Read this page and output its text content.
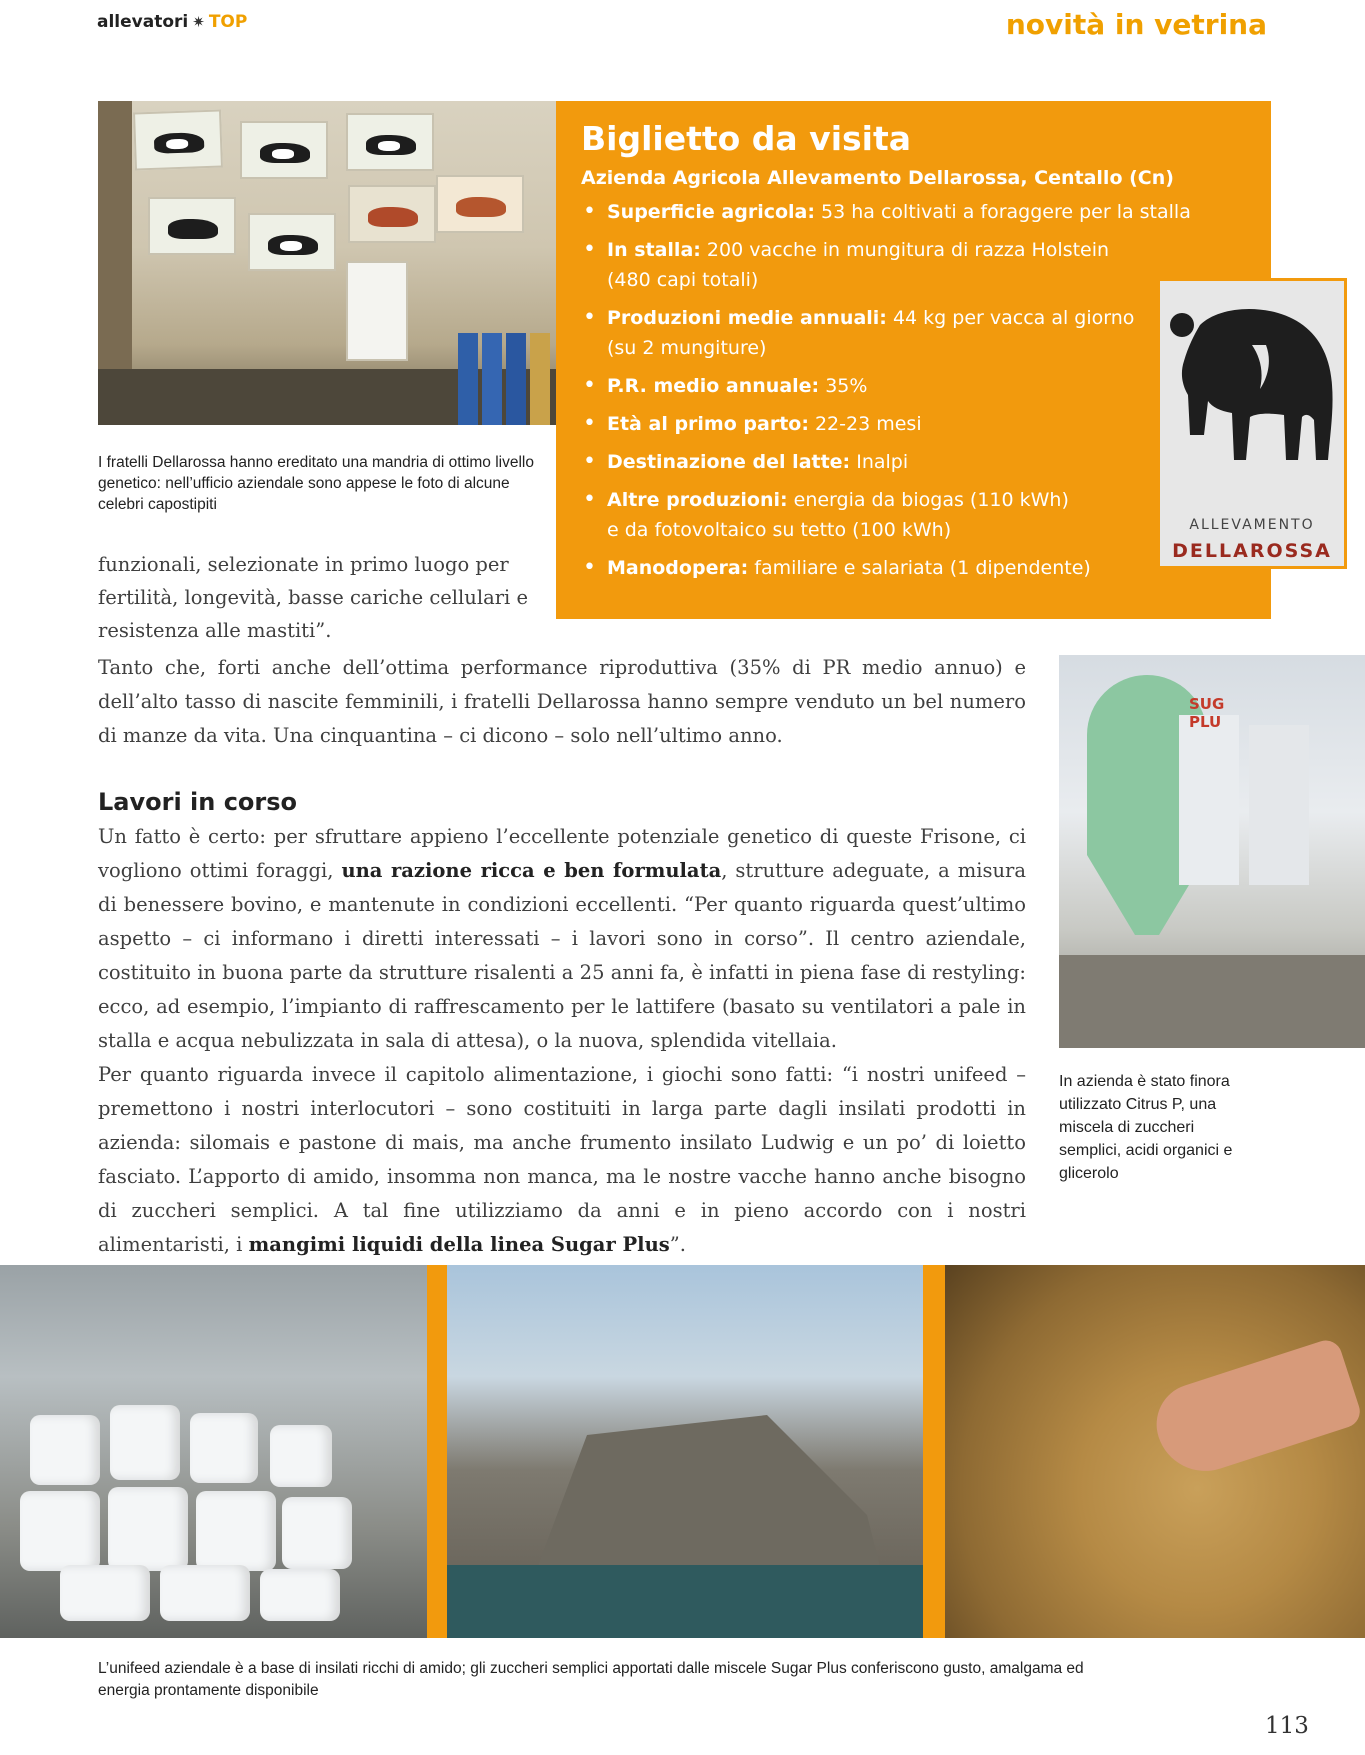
allevatori ✷ TOP	novità in vetrina
I fratelli Dellarossa hanno ereditato una mandria di ottimo livello genetico: nell’ufficio aziendale sono appese le foto di alcune celebri capostipiti
funzionali, selezionate in primo luogo per fertilità, longevità, basse cariche cellulari e resistenza alle mastiti”.
Tanto che, forti anche dell’ottima performance riproduttiva (35% di PR medio annuo) e dell’alto tasso di nascite femminili, i fratelli Dellarossa hanno sempre venduto un bel numero di manze da vita. Una cinquantina – ci dicono – solo nell’ultimo anno.
Biglietto da visita
Azienda Agricola Allevamento Dellarossa, Centallo (Cn)
• Superficie agricola: 53 ha coltivati a foraggere per la stalla
• In stalla: 200 vacche in mungitura di razza Holstein
(480 capi totali)
• Produzioni medie annuali: 44 kg per vacca al giorno
(su 2 mungiture)
• P.R. medio annuale: 35%
• Età al primo parto: 22-23 mesi
• Destinazione del latte: Inalpi
• Altre produzioni: energia da biogas (110 kWh)
e da fotovoltaico su tetto (100 kWh)
• Manodopera: familiare e salariata (1 dipendente)
ALLEVAMENTO
DELLAROSSA
Lavori in corso
Un fatto è certo: per sfruttare appieno l’eccellente potenziale genetico di queste Frisone, ci vogliono ottimi foraggi, una razione ricca e ben formulata, strutture adeguate, a misura di benessere bovino, e mantenute in condizioni eccellenti. “Per quanto riguarda quest’ultimo aspetto – ci informano i diretti interessati – i lavori sono in corso”. Il centro aziendale, costituito in buona parte da strutture risalenti a 25 anni fa, è infatti in piena fase di restyling: ecco, ad esempio, l’impianto di raffrescamento per le lattifere (basato su ventilatori a pale in stalla e acqua nebulizzata in sala di attesa), o la nuova, splendida vitellaia.
Per quanto riguarda invece il capitolo alimentazione, i giochi sono fatti: “i nostri unifeed – premettono i nostri interlocutori – sono costituiti in larga parte dagli insilati prodotti in azienda: silomais e pastone di mais, ma anche frumento insilato Ludwig e un po’ di loietto fasciato. L’apporto di amido, insomma non manca, ma le nostre vacche hanno anche bisogno di zuccheri semplici. A tal fine utilizziamo da anni e in pieno accordo con i nostri alimentaristi, i mangimi liquidi della linea Sugar Plus”.
SUG PLU
In azienda è stato finora utilizzato Citrus P, una miscela di zuccheri semplici, acidi organici e glicerolo
L’unifeed aziendale è a base di insilati ricchi di amido; gli zuccheri semplici apportati dalle miscele Sugar Plus conferiscono gusto, amalgama ed energia prontamente disponibile
113
